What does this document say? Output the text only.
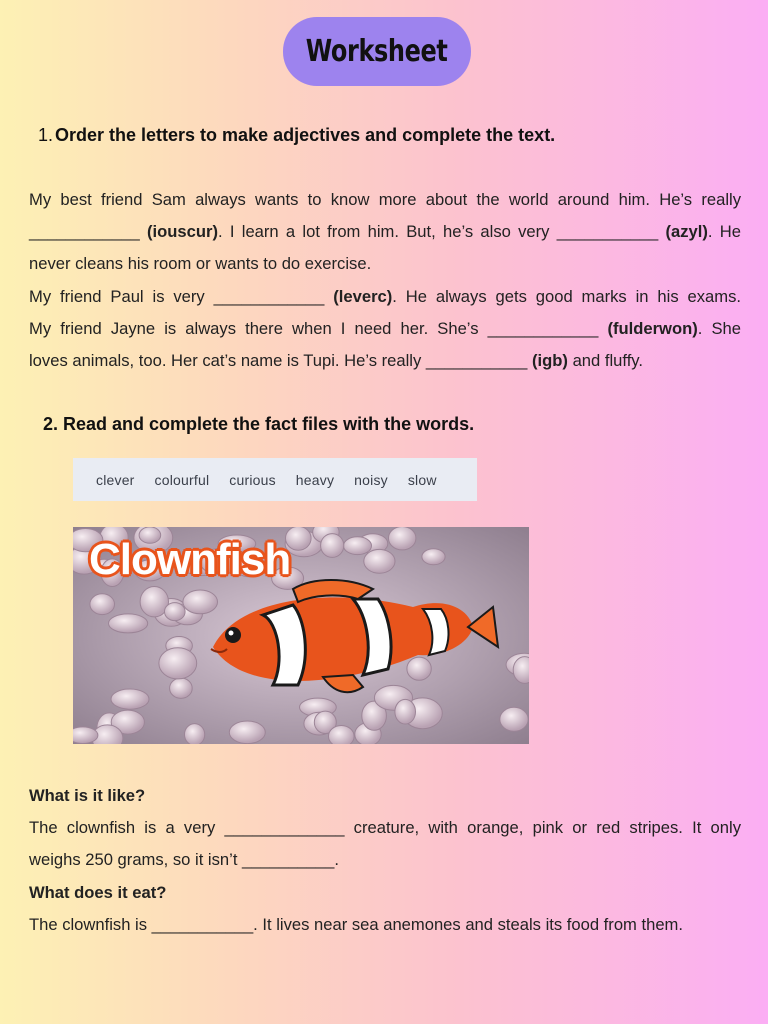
Worksheet
1. Order the letters to make adjectives and complete the text.
My best friend Sam always wants to know more about the world around him. He’s really
____________ (iouscur). I learn a lot from him. But, he’s also very ___________ (azyl). He
never cleans his room or wants to do exercise.
My friend Paul is very ____________ (leverc). He always gets good marks in his exams.
My friend Jayne is always there when I need her. She’s ____________ (fulderwon). She
loves animals, too. Her cat’s name is Tupi. He’s really ___________ (igb) and fluffy.
2. Read and complete the fact files with the words.
clever colourful curious heavy noisy slow
Clownfish
What is it like?
The clownfish is a very _____________ creature, with orange, pink or red stripes. It only
weighs 250 grams, so it isn’t __________.
What does it eat?
The clownfish is ___________. It lives near sea anemones and steals its food from them.
